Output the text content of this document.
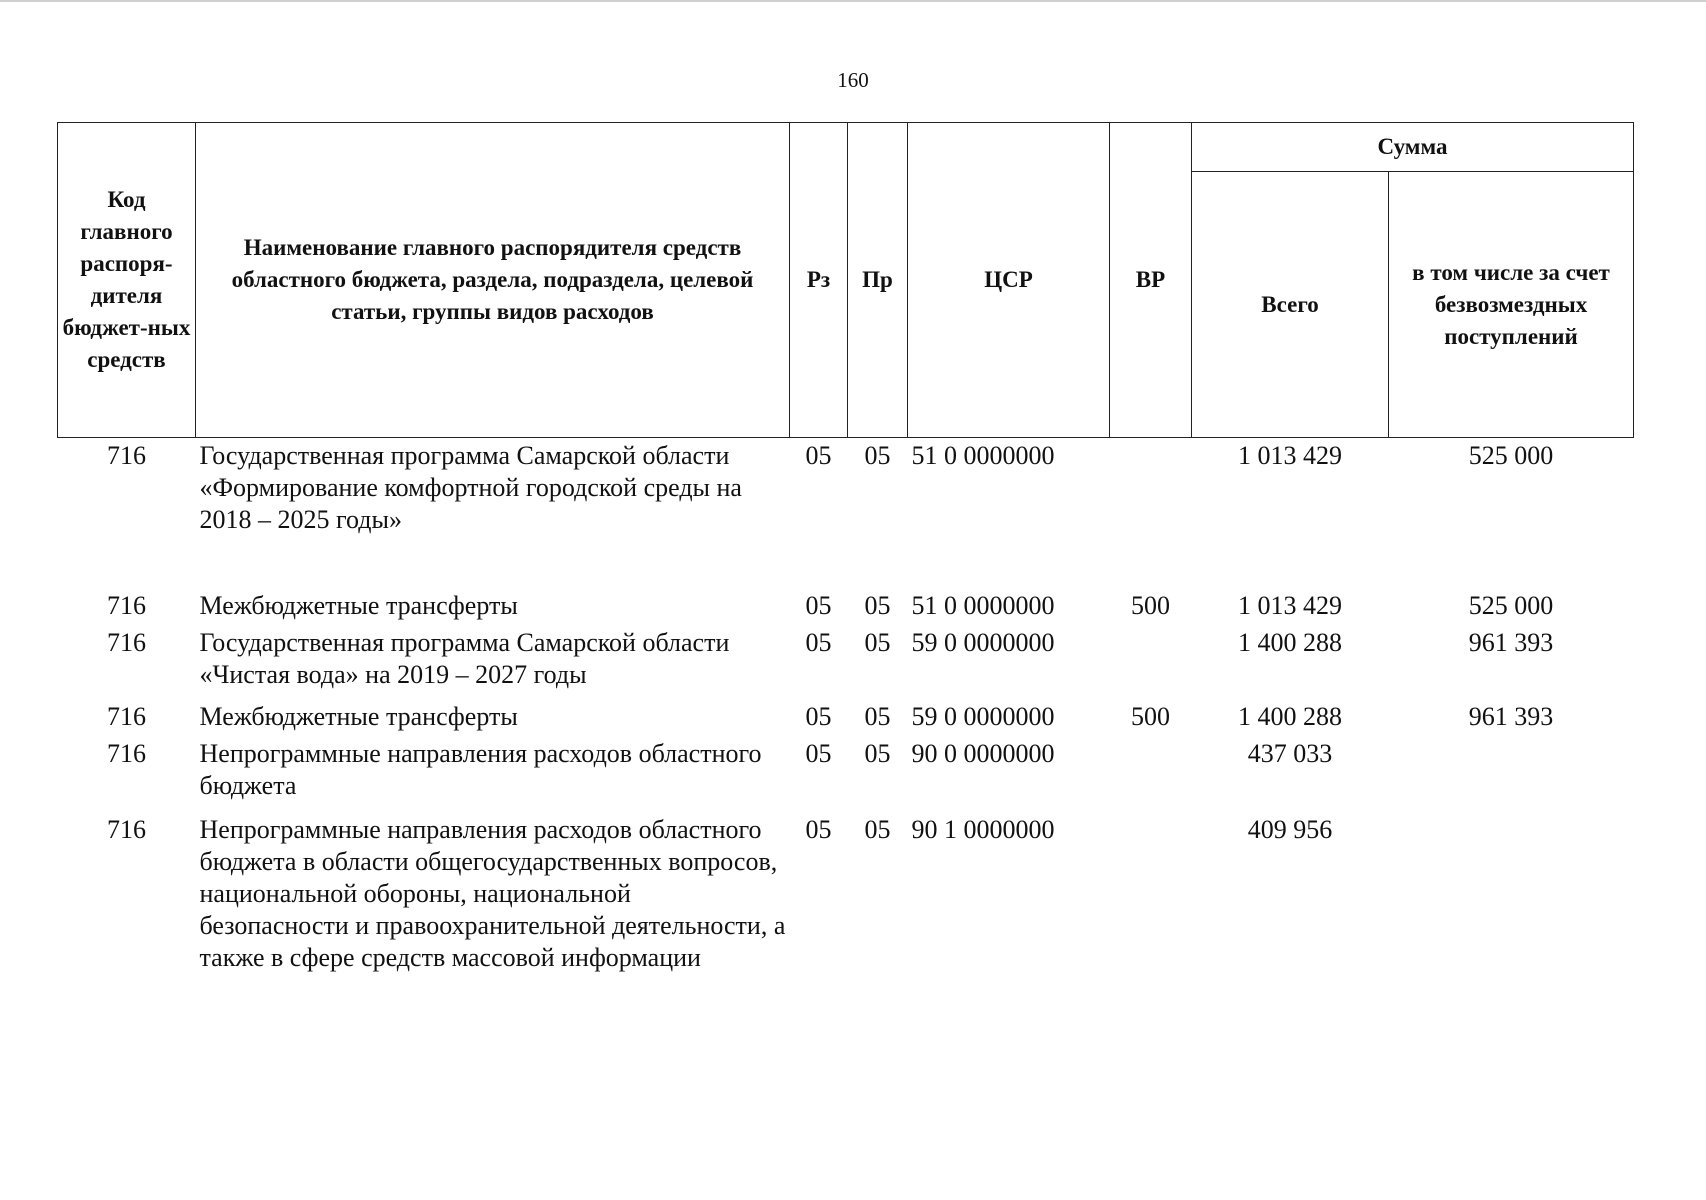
160
Код главного распоря-дителя бюджет-ных средств	Наименование главного распорядителя средств областного бюджета, раздела, подраздела, целевой статьи, группы видов расходов	Рз	Пр	ЦСР	ВР	Сумма	
						Всего	в том числе за счет безвозмездных поступлений
716	Государственная программа Самарской области «Формирование комфортной городской среды на 2018 – 2025 годы»	05	05	51 0 0000000		1 013 429	525 000
716	Межбюджетные трансферты	05	05	51 0 0000000	500	1 013 429	525 000
716	Государственная программа Самарской области «Чистая вода» на 2019 – 2027 годы	05	05	59 0 0000000		1 400 288	961 393
716	Межбюджетные трансферты	05	05	59 0 0000000	500	1 400 288	961 393
716	Непрограммные направления расходов областного бюджета	05	05	90 0 0000000		437 033	
716	Непрограммные направления расходов областного бюджета в области общегосударственных вопросов, национальной обороны, национальной безопасности и правоохранительной деятельности, а также в сфере средств массовой информации	05	05	90 1 0000000		409 956	
